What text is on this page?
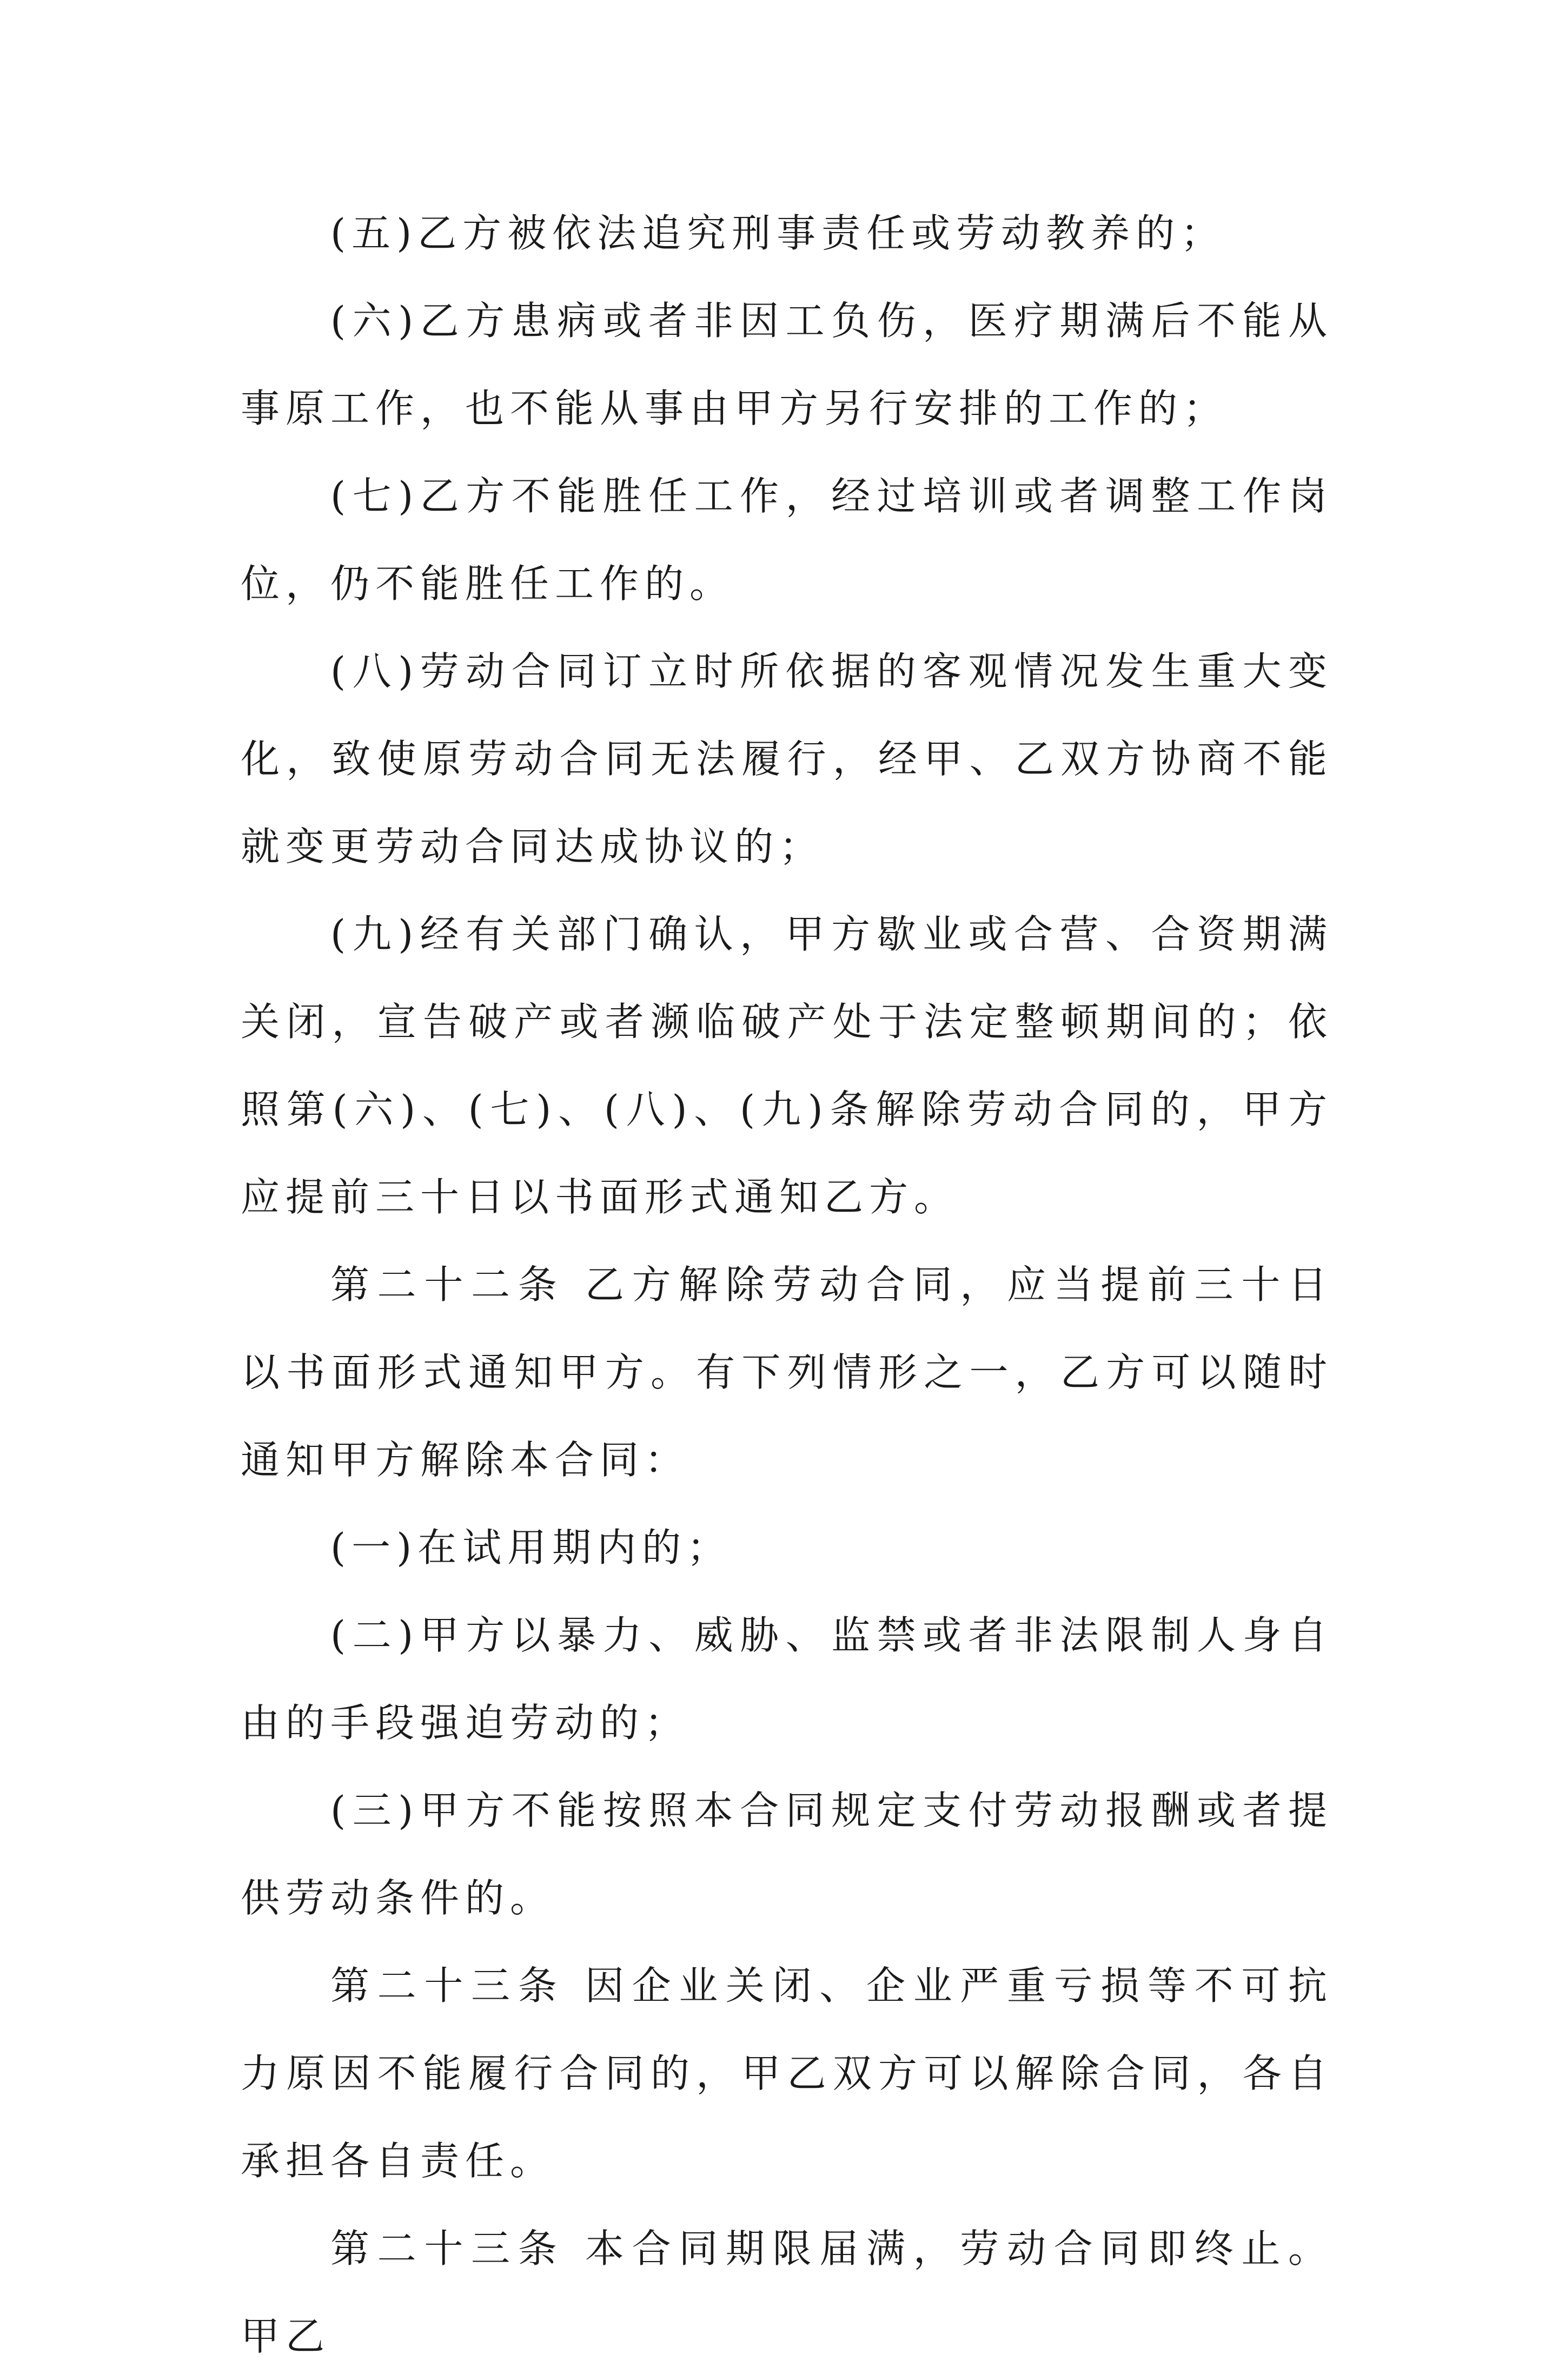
(五)乙方被依法追究刑事责任或劳动教养的；

(六)乙方患病或者非因工负伤，医疗期满后不能从事原工作，也不能从事由甲方另行安排的工作的；

(七)乙方不能胜任工作，经过培训或者调整工作岗位，仍不能胜任工作的。

(八)劳动合同订立时所依据的客观情况发生重大变化，致使原劳动合同无法履行，经甲、乙双方协商不能就变更劳动合同达成协议的；

(九)经有关部门确认，甲方歇业或合营、合资期满关闭，宣告破产或者濒临破产处于法定整顿期间的；依照第(六)、(七)、(八)、(九)条解除劳动合同的，甲方应提前三十日以书面形式通知乙方。

第二十二条 乙方解除劳动合同，应当提前三十日以书面形式通知甲方。有下列情形之一，乙方可以随时通知甲方解除本合同：

(一)在试用期内的；

(二)甲方以暴力、威胁、监禁或者非法限制人身自由的手段强迫劳动的；

(三)甲方不能按照本合同规定支付劳动报酬或者提供劳动条件的。

第二十三条 因企业关闭、企业严重亏损等不可抗力原因不能履行合同的，甲乙双方可以解除合同，各自承担各自责任。

第二十三条 本合同期限届满，劳动合同即终止。甲乙
